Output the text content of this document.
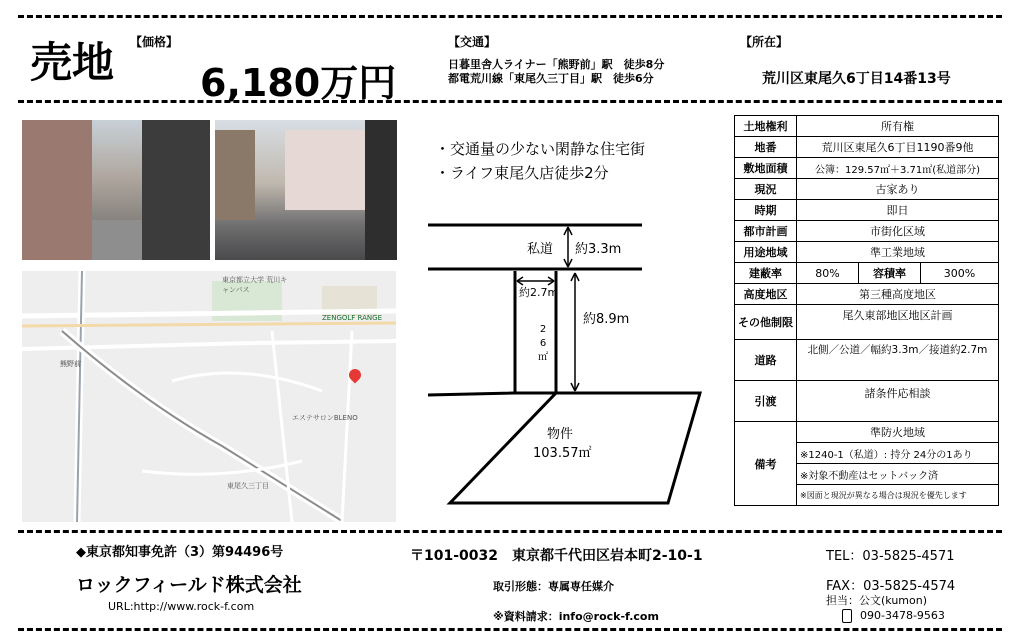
売地 【価格】
6,180万円
【交通】
日暮里舎人ライナー「熊野前」駅　徒歩8分
都電荒川線「東尾久三丁目」駅　徒歩6分
【所在】
荒川区東尾久6丁目14番13号
東京都立大学 荒川キャンパス
ZENGOLF RANGE
熊野前
エステサロンBLENO
東尾久三丁目
・交通量の少ない閑静な住宅街
・ライフ東尾久店徒歩2分
私道 約3.3m
約2.7m
約8.9m
2
6
㎡
物件
103.57㎡
土地権利	所有権		
地番	荒川区東尾久6丁目1190番9他		
敷地面積	公簿：129.57㎡＋3.71㎡(私道部分)		
現況	古家あり		
時期	即日		
都市計画	市街化区域		
用途地域	準工業地域		
建蔽率	80%	容積率	300%
高度地区	第三種高度地区		
その他制限	尾久東部地区地区計画		
道路	北側／公道／幅約3.3m／接道約2.7m		
引渡	諸条件応相談		
備考	準防火地域		
	※1240-1（私道）: 持分 24分の1あり		
	※対象不動産はセットバック済		
	※図面と現況が異なる場合は現況を優先します		
◆東京都知事免許（3）第94496号
ロックフィールド株式会社
URL:http://www.rock-f.com
〒101-0032　東京都千代田区岩本町2-10-1
取引形態：専属専任媒介
※資料請求：info@rock-f.com
TEL：03-5825-4571
FAX：03-5825-4574
担当：公文(kumon)
090-3478-9563
